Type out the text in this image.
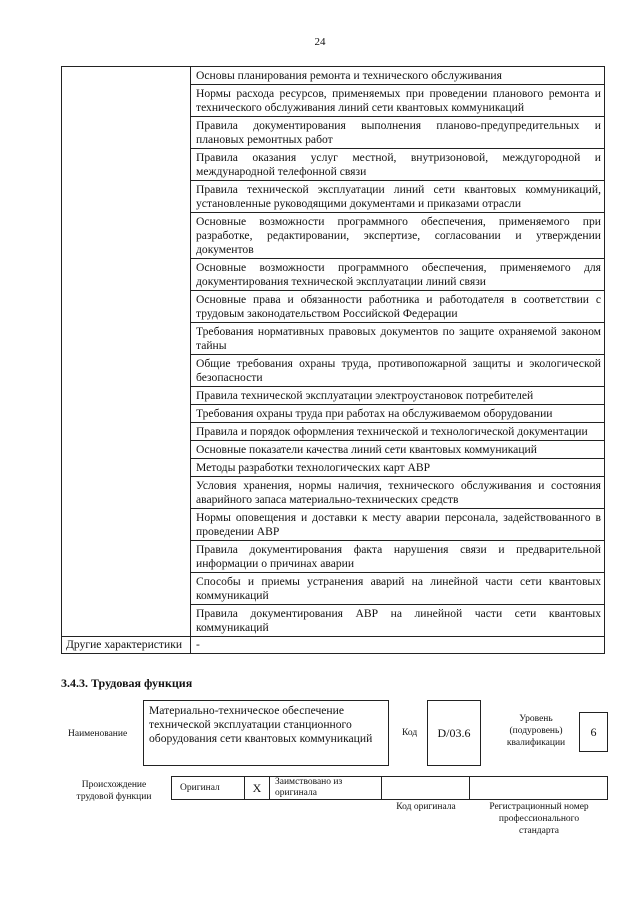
24
	Основы планирования ремонта и технического обслуживания
	Нормы расхода ресурсов, применяемых при проведении планового ремонта и технического обслуживания линий сети квантовых коммуникаций
	Правила документирования выполнения планово-предупредительных и плановых ремонтных работ
	Правила оказания услуг местной, внутризоновой, междугородной и международной телефонной связи
	Правила технической эксплуатации линий сети квантовых коммуникаций, установленные руководящими документами и приказами отрасли
	Основные возможности программного обеспечения, применяемого при разработке, редактировании, экспертизе, согласовании и утверждении документов
	Основные возможности программного обеспечения, применяемого для документирования технической эксплуатации линий связи
	Основные права и обязанности работника и работодателя в соответствии с трудовым законодательством Российской Федерации
	Требования нормативных правовых документов по защите охраняемой законом тайны
	Общие требования охраны труда, противопожарной защиты и экологической безопасности
	Правила технической эксплуатации электроустановок потребителей
	Требования охраны труда при работах на обслуживаемом оборудовании
	Правила и порядок оформления технической и технологической документации
	Основные показатели качества линий сети квантовых коммуникаций
	Методы разработки технологических карт АВР
	Условия хранения, нормы наличия, технического обслуживания и состояния аварийного запаса материально-технических средств
	Нормы оповещения и доставки к месту аварии персонала, задействованного в проведении АВР
	Правила документирования факта нарушения связи и предварительной информации о причинах аварии
	Способы и приемы устранения аварий на линейной части сети квантовых коммуникаций
	Правила документирования АВР на линейной части сети квантовых коммуникаций
Другие характеристики	-
3.4.3. Трудовая функция
Наименование
Материально-техническое обеспечение технической эксплуатации станционного оборудования сети квантовых коммуникаций	Код D/03.6
Уровень (подуровень) квалификации
6
Происхождение трудовой функции
Оригинал	X Заимствовано из оригинала
Код оригинала	Регистрационный номер профессионального стандарта
